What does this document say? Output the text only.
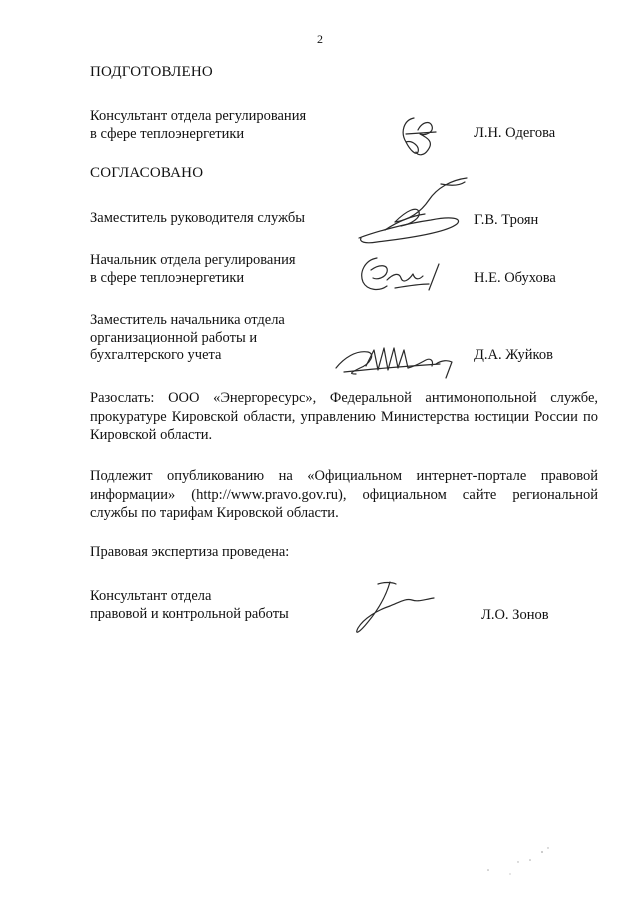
2
ПОДГОТОВЛЕНО
Консультант отдела регулирования
в сфере теплоэнергетики	Л.Н. Одегова
СОГЛАСОВАНО
Заместитель руководителя службы	Г.В. Троян
Начальник отдела регулирования
в сфере теплоэнергетики	Н.Е. Обухова
Заместитель начальника отдела
организационной работы и
бухгалтерского учета	Д.А. Жуйков
Разослать: ООО «Энергоресурс», Федеральной антимонопольной службе, прокуратуре Кировской области, управлению Министерства юстиции России по Кировской области.
Подлежит опубликованию на «Официальном интернет-портале правовой информации» (http://www.pravo.gov.ru), официальном сайте региональной службы по тарифам Кировской области.
Правовая экспертиза проведена:
Консультант отдела
правовой и контрольной работы	Л.О. Зонов
